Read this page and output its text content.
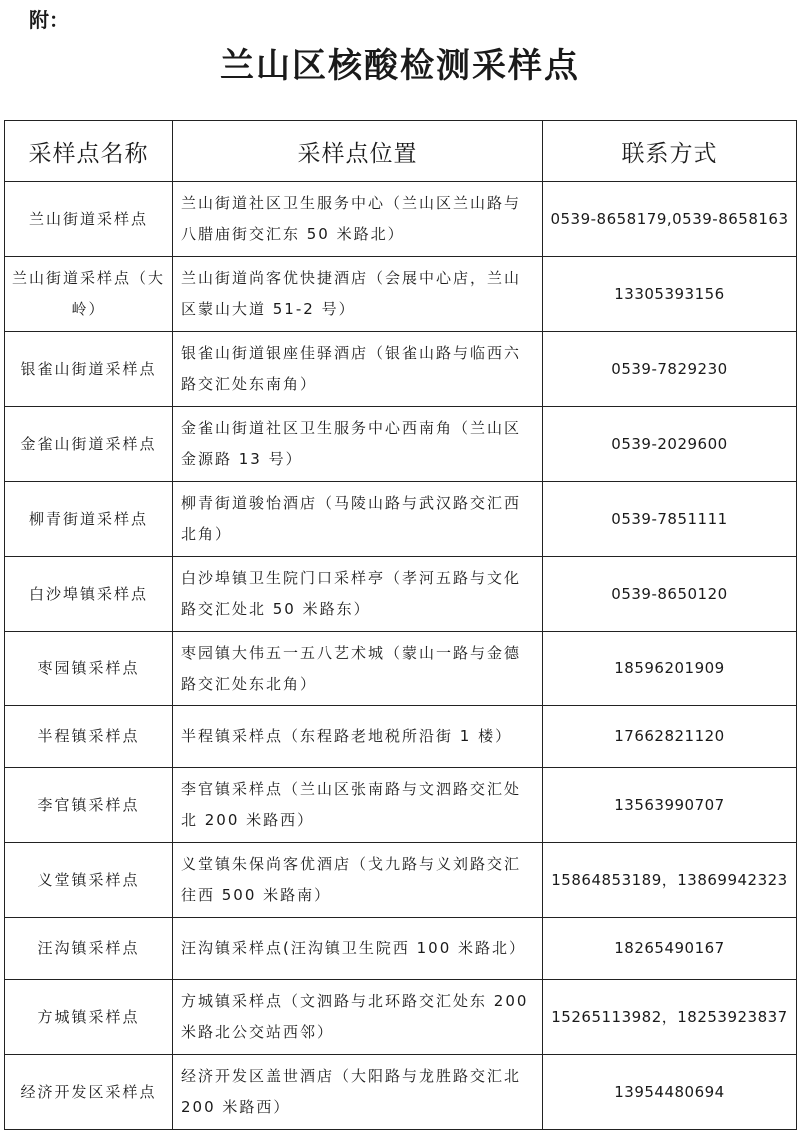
附：
兰山区核酸检测采样点
采样点名称	采样点位置	联系方式
兰山街道采样点	兰山街道社区卫生服务中心（兰山区兰山路与八腊庙街交汇东 50 米路北）	0539-8658179,0539-8658163
兰山街道采样点（大岭）	兰山街道尚客优快捷酒店（会展中心店，兰山区蒙山大道 51-2 号）	13305393156
银雀山街道采样点	银雀山街道银座佳驿酒店（银雀山路与临西六路交汇处东南角）	0539-7829230
金雀山街道采样点	金雀山街道社区卫生服务中心西南角（兰山区金源路 13 号）	0539-2029600
柳青街道采样点	柳青街道骏怡酒店（马陵山路与武汉路交汇西北角）	0539-7851111
白沙埠镇采样点	白沙埠镇卫生院门口采样亭（孝河五路与文化路交汇处北 50 米路东）	0539-8650120
枣园镇采样点	枣园镇大伟五一五八艺术城（蒙山一路与金德路交汇处东北角）	18596201909
半程镇采样点	半程镇采样点（东程路老地税所沿街 1 楼）	17662821120
李官镇采样点	李官镇采样点（兰山区张南路与文泗路交汇处北 200 米路西）	13563990707
义堂镇采样点	义堂镇朱保尚客优酒店（戈九路与义刘路交汇往西 500 米路南）	15864853189，13869942323
汪沟镇采样点	汪沟镇采样点(汪沟镇卫生院西 100 米路北）	18265490167
方城镇采样点	方城镇采样点（文泗路与北环路交汇处东 200 米路北公交站西邻）	15265113982，18253923837
经济开发区采样点	经济开发区盖世酒店（大阳路与龙胜路交汇北 200 米路西）	13954480694
